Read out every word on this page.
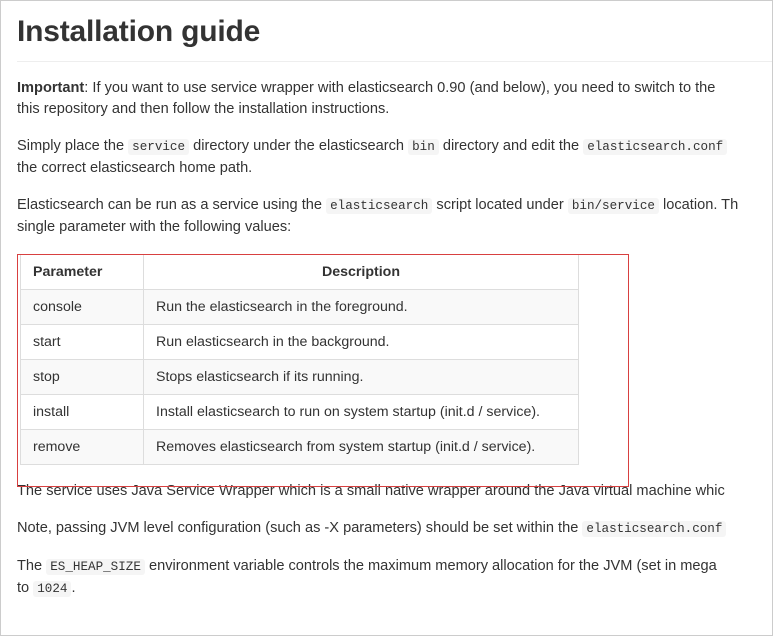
Installation guide

Important: If you want to use service wrapper with elasticsearch 0.90 (and below), you need to switch to the
this repository and then follow the installation instructions.

Simply place the service directory under the elasticsearch bin directory and edit the elasticsearch.conf
the correct elasticsearch home path.

Elasticsearch can be run as a service using the elasticsearch script located under bin/service location. Th
single parameter with the following values:

Parameter	Description
console	Run the elasticsearch in the foreground.
start	Run elasticsearch in the background.
stop	Stops elasticsearch if its running.
install	Install elasticsearch to run on system startup (init.d / service).
remove	Removes elasticsearch from system startup (init.d / service).

The service uses Java Service Wrapper which is a small native wrapper around the Java virtual machine whic

Note, passing JVM level configuration (such as -X parameters) should be set within the elasticsearch.conf

The ES_HEAP_SIZE environment variable controls the maximum memory allocation for the JVM (set in mega
to 1024 .
